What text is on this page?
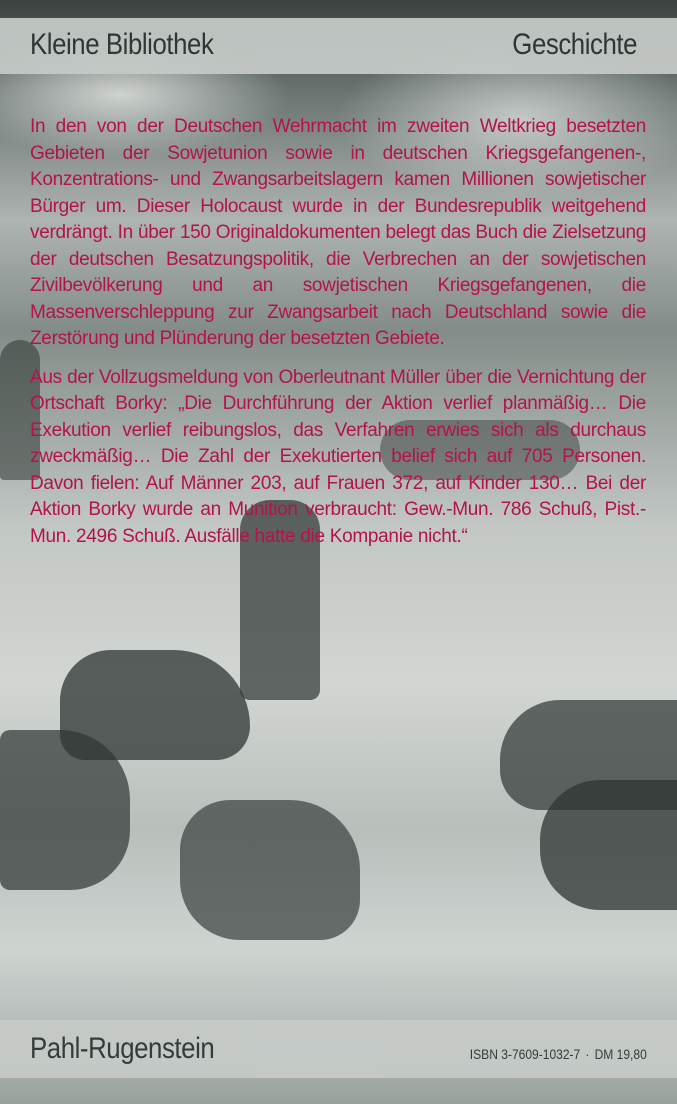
Kleine Bibliothek	Geschichte

In den von der Deutschen Wehrmacht im zweiten Weltkrieg besetzten Gebieten der Sowjetunion sowie in deutschen Kriegsgefangenen-, Konzentrations- und Zwangsarbeitslagern kamen Millionen sowjetischer Bürger um. Dieser Holocaust wurde in der Bundesrepublik weitgehend verdrängt. In über 150 Originaldokumenten belegt das Buch die Zielsetzung der deutschen Besatzungspolitik, die Verbrechen an der sowjetischen Zivilbevölkerung und an sowjetischen Kriegsgefangenen, die Massenverschleppung zur Zwangsarbeit nach Deutschland sowie die Zerstörung und Plünderung der besetzten Gebiete.

Aus der Vollzugsmeldung von Oberleutnant Müller über die Vernichtung der Ortschaft Borky: „Die Durchführung der Aktion verlief planmäßig… Die Exekution verlief reibungslos, das Verfahren erwies sich als durchaus zweckmäßig… Die Zahl der Exekutierten belief sich auf 705 Personen. Davon fielen: Auf Männer 203, auf Frauen 372, auf Kinder 130… Bei der Aktion Borky wurde an Munition verbraucht: Gew.-Mun. 786 Schuß, Pist.-Mun. 2496 Schuß. Ausfälle hatte die Kompanie nicht.“

Pahl-Rugenstein	ISBN 3-7609-1032-7 · DM 19,80
